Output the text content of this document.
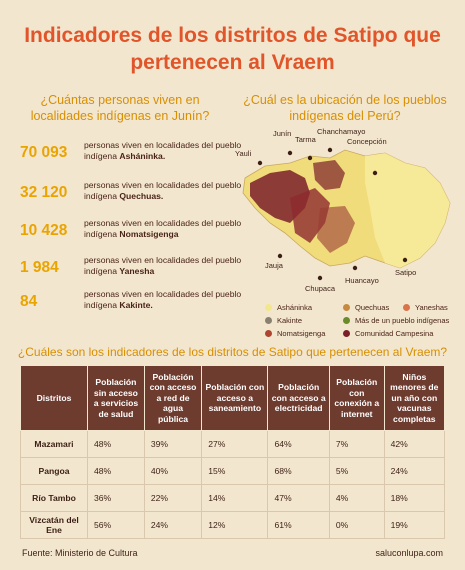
Indicadores de los distritos de Satipo que pertenecen al Vraem
¿Cuántas personas viven en localidades indígenas en Junín?
¿Cuál es la ubicación de los pueblos indígenas del Perú?
70 093	personas viven en localidades del pueblo indígena Asháninka.
32 120	personas viven en localidades del pueblo indígena Quechuas.
10 428	personas viven en localidades del pueblo indígena Nomatsigenga
1 984	personas viven en localidades del pueblo indígena Yanesha
84	personas viven en localidades del pueblo indígena Kakinte.
Junín
Tarma
Chanchamayo
Concepción
Yauli
Jauja
Chupaca
Huancayo
Satipo
Asháninka	Quechuas	Yaneshas
Kakinte	Más de un pueblo indígenas
Nomatsigenga	Comunidad Campesina
¿Cuáles son los indicadores de los distritos de Satipo que pertenecen al Vraem?
Distritos	Población sin acceso a servicios de salud	Población con acceso a red de agua pública	Población con acceso a saneamiento	Población con acceso a electricidad	Población con conexión a internet	Niños menores de un año con vacunas completas
Mazamari	48%	39%	27%	64%	7%	42%
Pangoa	48%	40%	15%	68%	5%	24%
Río Tambo	36%	22%	14%	47%	4%	18%
Vizcatán del Ene	56%	24%	12%	61%	0%	19%
Fuente: Ministerio de Cultura	saluconlupa.com
